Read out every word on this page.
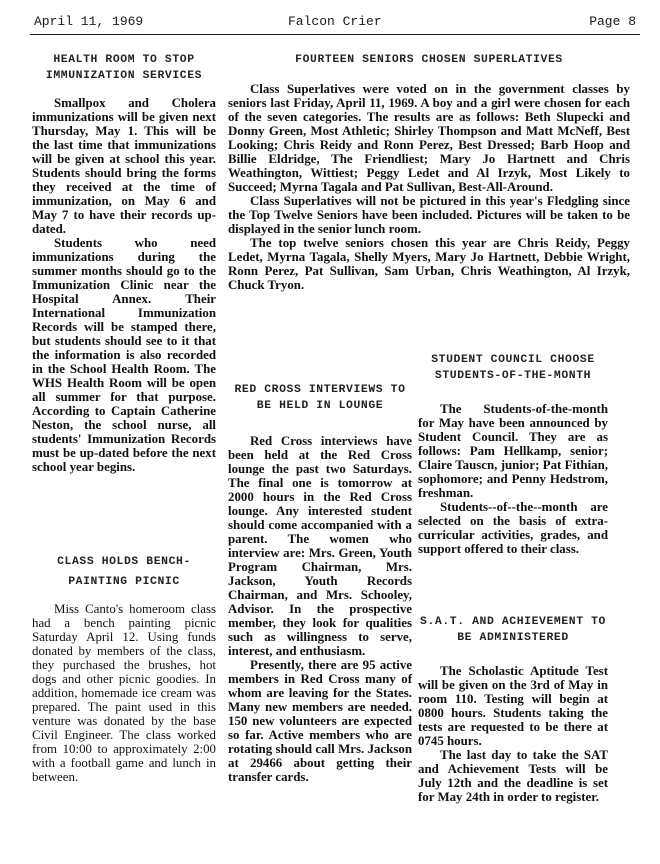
April 11, 1969	Falcon Crier	Page 8
HEALTH ROOM TO STOP IMMUNIZATION SERVICES

Smallpox and Cholera immunizations will be given next Thursday, May 1. This will be the last time that immunizations will be given at school this year. Students should bring the forms they received at the time of immunization, on May 6 and May 7 to have their records up-dated.

Students who need immunizations during the summer months should go to the Immunization Clinic near the Hospital Annex. Their International Immunization Records will be stamped there, but students should see to it that the information is also recorded in the School Health Room. The WHS Health Room will be open all summer for that purpose. According to Captain Catherine Neston, the school nurse, all students' Immunization Records must be up-dated before the next school year begins.

CLASS HOLDS BENCH-PAINTING PICNIC

Miss Canto's homeroom class had a bench painting picnic Saturday April 12. Using funds donated by members of the class, they purchased the brushes, hot dogs and other picnic goodies. In addition, homemade ice cream was prepared. The paint used in this venture was donated by the base Civil Engineer. The class worked from 10:00 to approximately 2:00 with a football game and lunch in between.

FOURTEEN SENIORS CHOSEN SUPERLATIVES

Class Superlatives were voted on in the government classes by seniors last Friday, April 11, 1969. A boy and a girl were chosen for each of the seven categories. The results are as follows: Beth Slupecki and Donny Green, Most Athletic; Shirley Thompson and Matt McNeff, Best Looking; Chris Reidy and Ronn Perez, Best Dressed; Barb Hoop and Billie Eldridge, The Friendliest; Mary Jo Hartnett and Chris Weathington, Wittiest; Peggy Ledet and Al Irzyk, Most Likely to Succeed; Myrna Tagala and Pat Sullivan, Best-All-Around.

Class Superlatives will not be pictured in this year's Fledgling since the Top Twelve Seniors have been included. Pictures will be taken to be displayed in the senior lunch room.

The top twelve seniors chosen this year are Chris Reidy, Peggy Ledet, Myrna Tagala, Shelly Myers, Mary Jo Hartnett, Debbie Wright, Ronn Perez, Pat Sullivan, Sam Urban, Chris Weathington, Al Irzyk, Chuck Tryon.

RED CROSS INTERVIEWS TO BE HELD IN LOUNGE

Red Cross interviews have been held at the Red Cross lounge the past two Saturdays. The final one is tomorrow at 2000 hours in the Red Cross lounge. Any interested student should come accompanied with a parent. The women who interview are: Mrs. Green, Youth Program Chairman, Mrs. Jackson, Youth Records Chairman, and Mrs. Schooley, Advisor. In the prospective member, they look for qualities such as willingness to serve, interest, and enthusiasm.

Presently, there are 95 active members in Red Cross many of whom are leaving for the States. Many new members are needed. 150 new volunteers are expected so far. Active members who are rotating should call Mrs. Jackson at 29466 about getting their transfer cards.

STUDENT COUNCIL CHOOSE STUDENTS-OF-THE-MONTH

The Students-of-the-month for May have been announced by Student Council. They are as follows: Pam Hellkamp, senior; Claire Tauscn, junior; Pat Fithian, sophomore; and Penny Hedstrom, freshman.

Students--of--the--month are selected on the basis of extra-curricular activities, grades, and support offered to their class.

S.A.T. AND ACHIEVEMENT TO BE ADMINISTERED

The Scholastic Aptitude Test will be given on the 3rd of May in room 110. Testing will begin at 0800 hours. Students taking the tests are requested to be there at 0745 hours.

The last day to take the SAT and Achievement Tests will be July 12th and the deadline is set for May 24th in order to register.
